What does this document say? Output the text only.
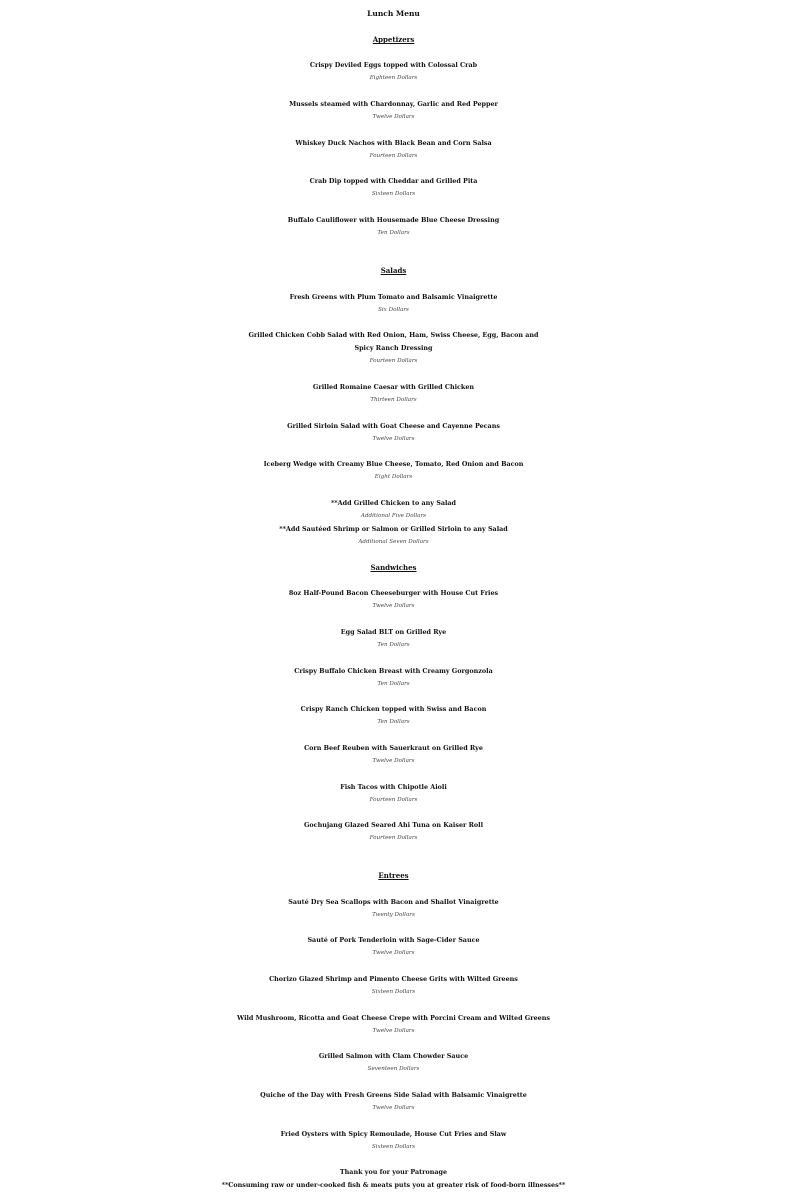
Lunch Menu
Appetizers
Crispy Deviled Eggs topped with Colossal Crab
Eighteen Dollars
Mussels steamed with Chardonnay, Garlic and Red Pepper
Twelve Dollars
Whiskey Duck Nachos with Black Bean and Corn Salsa
Fourteen Dollars
Crab Dip topped with Cheddar and Grilled Pita
Sixteen Dollars
Buffalo Cauliflower with Housemade Blue Cheese Dressing
Ten Dollars
Salads
Fresh Greens with Plum Tomato and Balsamic Vinaigrette
Six Dollars
Grilled Chicken Cobb Salad with Red Onion, Ham, Swiss Cheese, Egg, Bacon and
Spicy Ranch Dressing
Fourteen Dollars
Grilled Romaine Caesar with Grilled Chicken
Thirteen Dollars
Grilled Sirloin Salad with Goat Cheese and Cayenne Pecans
Twelve Dollars
Iceberg Wedge with Creamy Blue Cheese, Tomato, Red Onion and Bacon
Eight Dollars
**Add Grilled Chicken to any Salad
Additional Five Dollars
**Add Sautéed Shrimp or Salmon or Grilled Sirloin to any Salad
Additional Seven Dollars
Sandwiches
8oz Half-Pound Bacon Cheeseburger with House Cut Fries
Twelve Dollars
Egg Salad BLT on Grilled Rye
Ten Dollars
Crispy Buffalo Chicken Breast with Creamy Gorgonzola
Ten Dollars
Crispy Ranch Chicken topped with Swiss and Bacon
Ten Dollars
Corn Beef Reuben with Sauerkraut on Grilled Rye
Twelve Dollars
Fish Tacos with Chipotle Aioli
Fourteen Dollars
Gochujang Glazed Seared Ahi Tuna on Kaiser Roll
Fourteen Dollars
Entrees
Sauté Dry Sea Scallops with Bacon and Shallot Vinaigrette
Twenty Dollars
Sauté of Pork Tenderloin with Sage-Cider Sauce
Twelve Dollars
Chorizo Glazed Shrimp and Pimento Cheese Grits with Wilted Greens
Sixteen Dollars
Wild Mushroom, Ricotta and Goat Cheese Crepe with Porcini Cream and Wilted Greens
Twelve Dollars
Grilled Salmon with Clam Chowder Sauce
Seventeen Dollars
Quiche of the Day with Fresh Greens Side Salad with Balsamic Vinaigrette
Twelve Dollars
Fried Oysters with Spicy Remoulade, House Cut Fries and Slaw
Sixteen Dollars
Thank you for your Patronage
**Consuming raw or under-cooked fish & meats puts you at greater risk of food-born illnesses**
